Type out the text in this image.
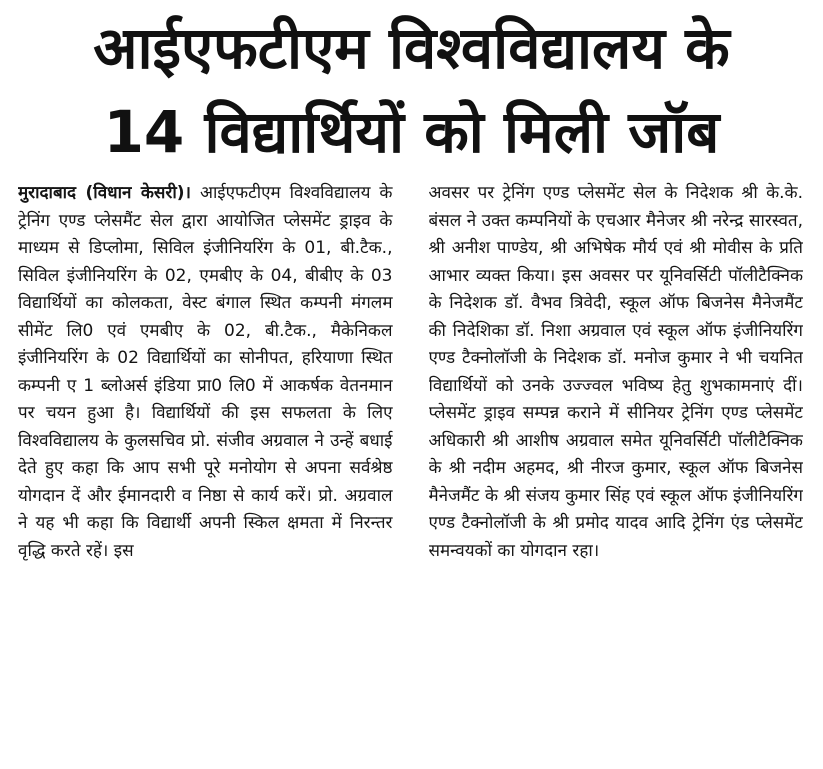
आईएफटीएम विश्वविद्यालय के
14 विद्यार्थियों को मिली जॉब
मुरादाबाद (विधान केसरी)। आईएफटीएम विश्वविद्यालय के ट्रेनिंग एण्ड प्लेसमैंट सेल द्वारा आयोजित प्लेसमेंट ड्राइव के माध्यम से डिप्लोमा, सिविल इंजीनियरिंग के 01, बी.टैक., सिविल इंजीनियरिंग के 02, एमबीए के 04, बीबीए के 03 विद्यार्थियों का कोलकता, वेस्ट बंगाल स्थित कम्पनी मंगलम सीमेंट लि0 एवं एमबीए के 02, बी.टैक., मैकेनिकल इंजीनियरिंग के 02 विद्यार्थियों का सोनीपत, हरियाणा स्थित कम्पनी ए 1 ब्लोअर्स इंडिया प्रा0 लि0 में आकर्षक वेतनमान पर चयन हुआ है। विद्यार्थियों की इस सफलता के लिए विश्वविद्यालय के कुलसचिव प्रो. संजीव अग्रवाल ने उन्हें बधाई देते हुए कहा कि आप सभी पूरे मनोयोग से अपना सर्वश्रेष्ठ योगदान दें और ईमानदारी व निष्ठा से कार्य करें। प्रो. अग्रवाल ने यह भी कहा कि विद्यार्थी अपनी स्किल क्षमता में निरन्तर वृद्धि करते रहें। इस
अवसर पर ट्रेनिंग एण्ड प्लेसमेंट सेल के निदेशक श्री के.के. बंसल ने उक्त कम्पनियों के एचआर मैनेजर श्री नरेन्द्र सारस्वत, श्री अनीश पाण्डेय, श्री अभिषेक मौर्य एवं श्री मोवीस के प्रति आभार व्यक्त किया। इस अवसर पर यूनिवर्सिटी पॉलीटैक्निक के निदेशक डॉ. वैभव त्रिवेदी, स्कूल ऑफ बिजनेस मैनेजमैंट की निदेशिका डॉ. निशा अग्रवाल एवं स्कूल ऑफ इंजीनियरिंग एण्ड टैक्नोलॉजी के निदेशक डॉ. मनोज कुमार ने भी चयनित विद्यार्थियों को उनके उज्ज्वल भविष्य हेतु शुभकामनाएं दीं। प्लेसमेंट ड्राइव सम्पन्न कराने में सीनियर ट्रेनिंग एण्ड प्लेसमेंट अधिकारी श्री आशीष अग्रवाल समेत यूनिवर्सिटी पॉलीटैक्निक के श्री नदीम अहमद, श्री नीरज कुमार, स्कूल ऑफ बिजनेस मैनेजमैंट के श्री संजय कुमार सिंह एवं स्कूल ऑफ इंजीनियरिंग एण्ड टैक्नोलॉजी के श्री प्रमोद यादव आदि ट्रेनिंग एंड प्लेसमेंट समन्वयकों का योगदान रहा।
